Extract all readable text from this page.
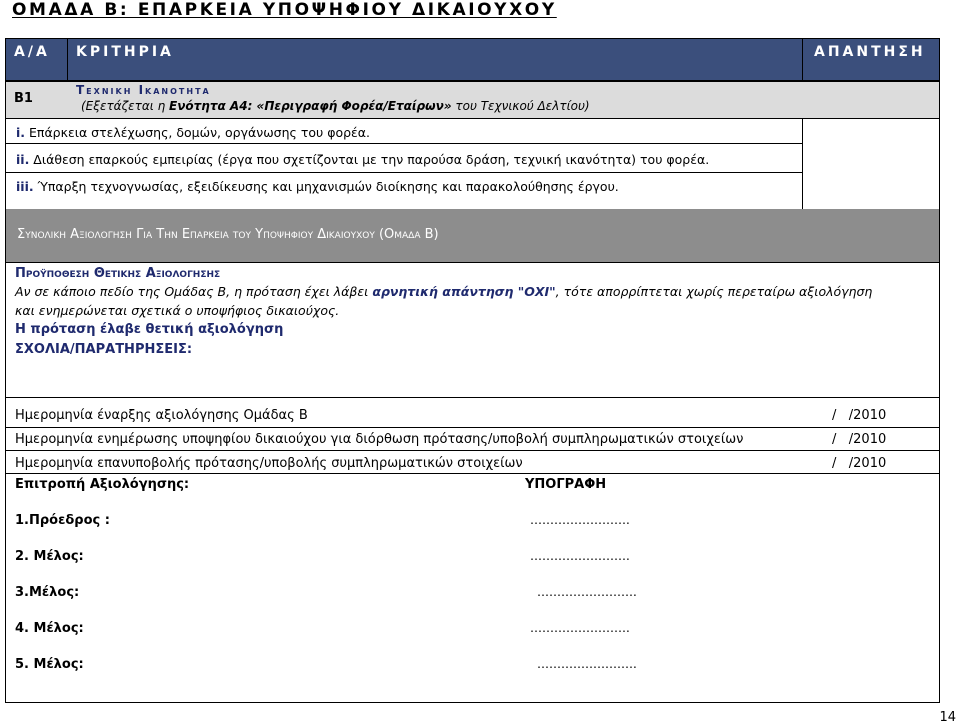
ΟΜΑΔΑ Β: ΕΠΑΡΚΕΙΑ ΥΠΟΨΗΦΙΟΥ ΔΙΚΑΙΟΥΧΟΥ
Α/Α ΚΡΙΤΗΡΙΑ	ΑΠΑΝΤΗΣΗ
Β1
Τεχνικη Ικανοτητα
(Εξετάζεται η Ενότητα Α4: «Περιγραφή Φορέα/Εταίρων» του Τεχνικού Δελτίου)
i. Επάρκεια στελέχωσης, δομών, οργάνωσης του φορέα.
ii. Διάθεση επαρκούς εμπειρίας (έργα που σχετίζονται με την παρούσα δράση, τεχνική ικανότητα) του φορέα.
iii. Ύπαρξη τεχνογνωσίας, εξειδίκευσης και μηχανισμών διοίκησης και παρακολούθησης έργου.
Συνολικη Αξιολογηση Για Την Επαρκεια του Υποψηφιου Δικαιουχου (Ομαδα Β)
Προϋποθεση Θετικης Αξιολογησης
Αν σε κάποιο πεδίο της Ομάδας Β, η πρόταση έχει λάβει αρνητική απάντηση "ΟΧΙ", τότε απορρίπτεται χωρίς περεταίρω αξιολόγηση
και ενημερώνεται σχετικά ο υποψήφιος δικαιούχος.
Η πρόταση έλαβε θετική αξιολόγηση
ΣΧΟΛΙΑ/ΠΑΡΑΤΗΡΗΣΕΙΣ:
Ημερομηνία έναρξης αξιολόγησης Ομάδας Β	/   /2010
Ημερομηνία ενημέρωσης υποψηφίου δικαιούχου για διόρθωση πρότασης/υποβολή συμπληρωματικών στοιχείων	/   /2010
Ημερομηνία επανυποβολής πρότασης/υποβολής συμπληρωματικών στοιχείων	/   /2010
Επιτροπή Αξιολόγησης:	ΥΠΟΓΡΑΦΗ
1.Πρόεδρος :	…………………….
2. Μέλος:	…………………….
3.Μέλος:	…………………….
4. Μέλος:	…………………….
5. Μέλος:	…………………….
14
